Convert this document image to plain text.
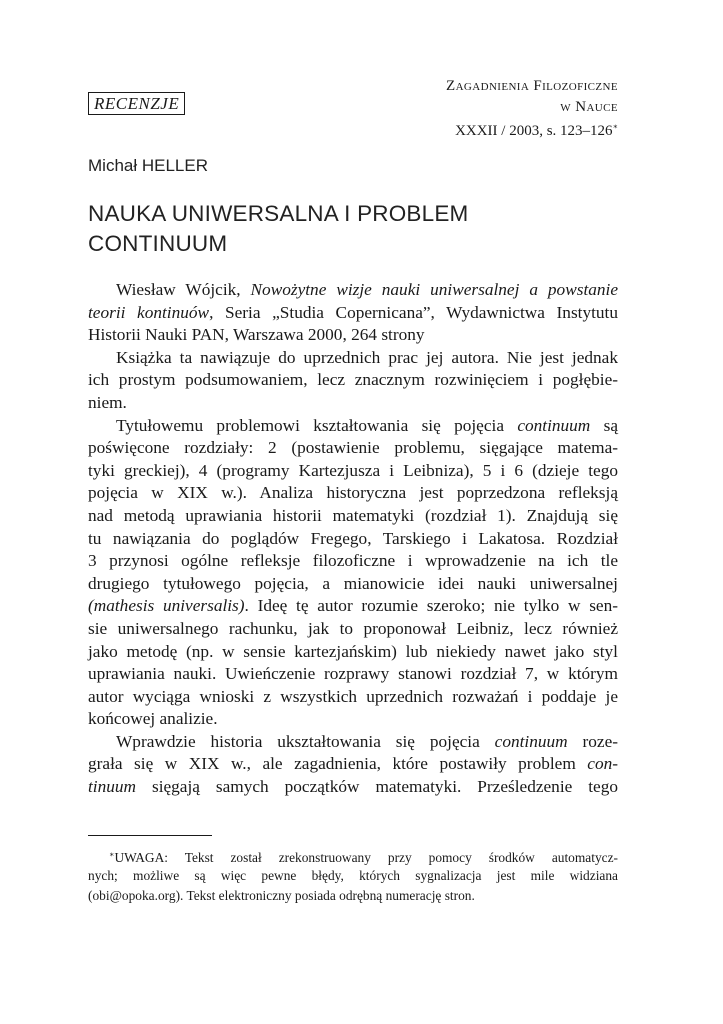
RECENZJE
Zagadnienia Filozoficzne
w Nauce
XXXII / 2003, s. 123–126∗
Michał HELLER
NAUKA UNIWERSALNA I PROBLEM
CONTINUUM
Wiesław Wójcik, Nowożytne wizje nauki uniwersalnej a powstanie
teorii kontinuów, Seria „Studia Copernicana”, Wydawnictwa Instytutu
Historii Nauki PAN, Warszawa 2000, 264 strony
Książka ta nawiązuje do uprzednich prac jej autora. Nie jest jednak
ich prostym podsumowaniem, lecz znacznym rozwinięciem i pogłębie-
niem.
Tytułowemu problemowi kształtowania się pojęcia continuum są
poświęcone rozdziały: 2 (postawienie problemu, sięgające matema-
tyki greckiej), 4 (programy Kartezjusza i Leibniza), 5 i 6 (dzieje tego
pojęcia w XIX w.). Analiza historyczna jest poprzedzona refleksją
nad metodą uprawiania historii matematyki (rozdział 1). Znajdują się
tu nawiązania do poglądów Fregego, Tarskiego i Lakatosa. Rozdział
3 przynosi ogólne refleksje filozoficzne i wprowadzenie na ich tle
drugiego tytułowego pojęcia, a mianowicie idei nauki uniwersalnej
(mathesis universalis). Ideę tę autor rozumie szeroko; nie tylko w sen-
sie uniwersalnego rachunku, jak to proponował Leibniz, lecz również
jako metodę (np. w sensie kartezjańskim) lub niekiedy nawet jako styl
uprawiania nauki. Uwieńczenie rozprawy stanowi rozdział 7, w którym
autor wyciąga wnioski z wszystkich uprzednich rozważań i poddaje je
końcowej analizie.
Wprawdzie historia ukształtowania się pojęcia continuum roze-
grała się w XIX w., ale zagadnienia, które postawiły problem con-
tinuum sięgają samych początków matematyki. Prześledzenie tego
∗UWAGA: Tekst został zrekonstruowany przy pomocy środków automatycz-
nych; możliwe są więc pewne błędy, których sygnalizacja jest mile widziana
(obi@opoka.org). Tekst elektroniczny posiada odrębną numerację stron.
